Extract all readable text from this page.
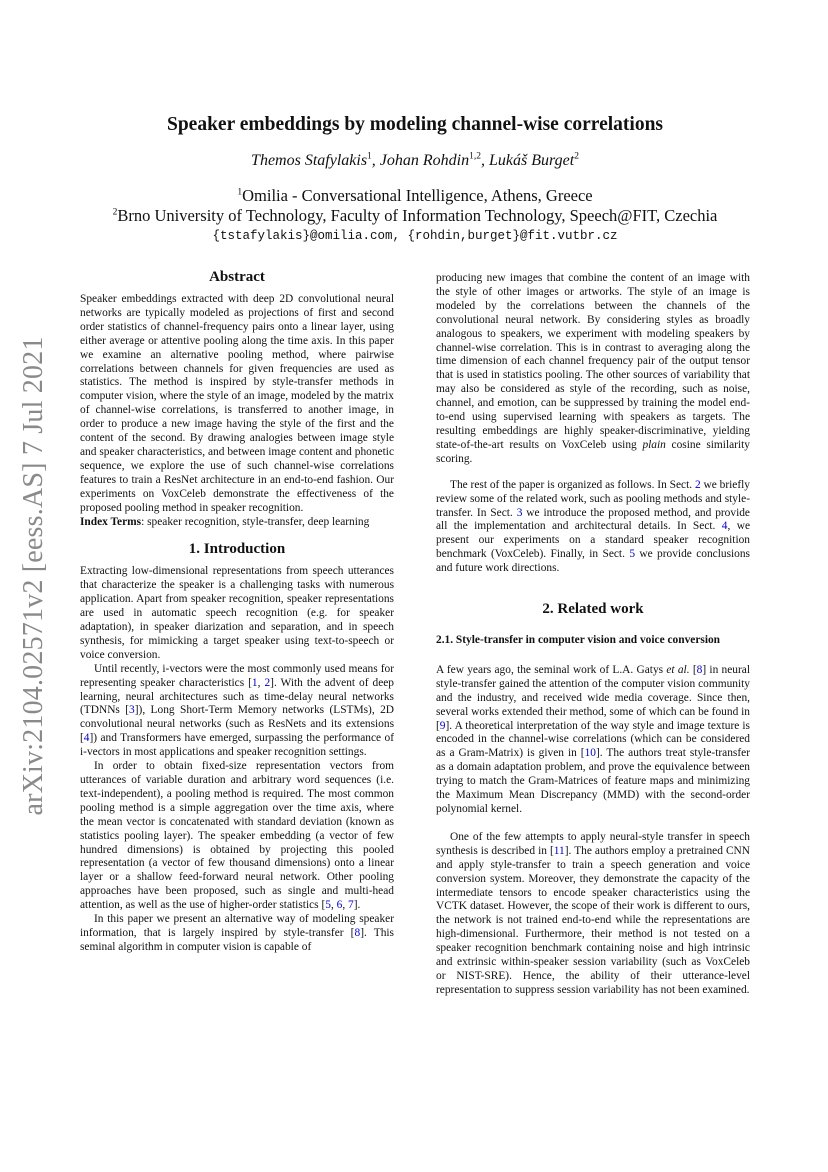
arXiv:2104.02571v2 [eess.AS] 7 Jul 2021
Speaker embeddings by modeling channel-wise correlations
Themos Stafylakis$^1$, Johan Rohdin$^{1,2}$, Lukáš Burget$^2$
$^1$Omilia - Conversational Intelligence, Athens, Greece
$^2$Brno University of Technology, Faculty of Information Technology, Speech@FIT, Czechia
{tstafylakis}@omilia.com, {rohdin,burget}@fit.vutbr.cz
Abstract

Speaker embeddings extracted with deep 2D convolutional neural networks are typically modeled as projections of first and second order statistics of channel-frequency pairs onto a linear layer, using either average or attentive pooling along the time axis. In this paper we examine an alternative pooling method, where pairwise correlations between channels for given frequencies are used as statistics. The method is inspired by style-transfer methods in computer vision, where the style of an image, modeled by the matrix of channel-wise correlations, is transferred to another image, in order to produce a new image having the style of the first and the content of the second. By drawing analogies between image style and speaker characteristics, and between image content and phonetic sequence, we explore the use of such channel-wise correlations features to train a ResNet architecture in an end-to-end fashion. Our experiments on VoxCeleb demonstrate the effectiveness of the proposed pooling method in speaker recognition.

Index Terms: speaker recognition, style-transfer, deep learning

1. Introduction

Extracting low-dimensional representations from speech utterances that characterize the speaker is a challenging tasks with numerous application. Apart from speaker recognition, speaker representations are used in automatic speech recognition (e.g. for speaker adaptation), in speaker diarization and separation, and in speech synthesis, for mimicking a target speaker using text-to-speech or voice conversion.

Until recently, i-vectors were the most commonly used means for representing speaker characteristics [1, 2]. With the advent of deep learning, neural architectures such as time-delay neural networks (TDNNs [3]), Long Short-Term Memory networks (LSTMs), 2D convolutional neural networks (such as ResNets and its extensions [4]) and Transformers have emerged, surpassing the performance of i-vectors in most applications and speaker recognition settings.

In order to obtain fixed-size representation vectors from utterances of variable duration and arbitrary word sequences (i.e. text-independent), a pooling method is required. The most common pooling method is a simple aggregation over the time axis, where the mean vector is concatenated with standard deviation (known as statistics pooling layer). The speaker embedding (a vector of few hundred dimensions) is obtained by projecting this pooled representation (a vector of few thousand dimensions) onto a linear layer or a shallow feed-forward neural network. Other pooling approaches have been proposed, such as single and multi-head attention, as well as the use of higher-order statistics [5, 6, 7].

In this paper we present an alternative way of modeling speaker information, that is largely inspired by style-transfer [8]. This seminal algorithm in computer vision is capable of

producing new images that combine the content of an image with the style of other images or artworks. The style of an image is modeled by the correlations between the channels of the convolutional neural network. By considering styles as broadly analogous to speakers, we experiment with modeling speakers by channel-wise correlation. This is in contrast to averaging along the time dimension of each channel frequency pair of the output tensor that is used in statistics pooling. The other sources of variability that may also be considered as style of the recording, such as noise, channel, and emotion, can be suppressed by training the model end-to-end using supervised learning with speakers as targets. The resulting embeddings are highly speaker-discriminative, yielding state-of-the-art results on VoxCeleb using plain cosine similarity scoring.

The rest of the paper is organized as follows. In Sect. 2 we briefly review some of the related work, such as pooling methods and style-transfer. In Sect. 3 we introduce the proposed method, and provide all the implementation and architectural details. In Sect. 4, we present our experiments on a standard speaker recognition benchmark (VoxCeleb). Finally, in Sect. 5 we provide conclusions and future work directions.

2. Related work
2.1. Style-transfer in computer vision and voice conversion

A few years ago, the seminal work of L.A. Gatys et al. [8] in neural style-transfer gained the attention of the computer vision community and the industry, and received wide media coverage. Since then, several works extended their method, some of which can be found in [9]. A theoretical interpretation of the way style and image texture is encoded in the channel-wise correlations (which can be considered as a Gram-Matrix) is given in [10]. The authors treat style-transfer as a domain adaptation problem, and prove the equivalence between trying to match the Gram-Matrices of feature maps and minimizing the Maximum Mean Discrepancy (MMD) with the second-order polynomial kernel.

One of the few attempts to apply neural-style transfer in speech synthesis is described in [11]. The authors employ a pretrained CNN and apply style-transfer to train a speech generation and voice conversion system. Moreover, they demonstrate the capacity of the intermediate tensors to encode speaker characteristics using the VCTK dataset. However, the scope of their work is different to ours, the network is not trained end-to-end while the representations are high-dimensional. Furthermore, their method is not tested on a speaker recognition benchmark containing noise and high intrinsic and extrinsic within-speaker session variability (such as VoxCeleb or NIST-SRE). Hence, the ability of their utterance-level representation to suppress session variability has not been examined.
